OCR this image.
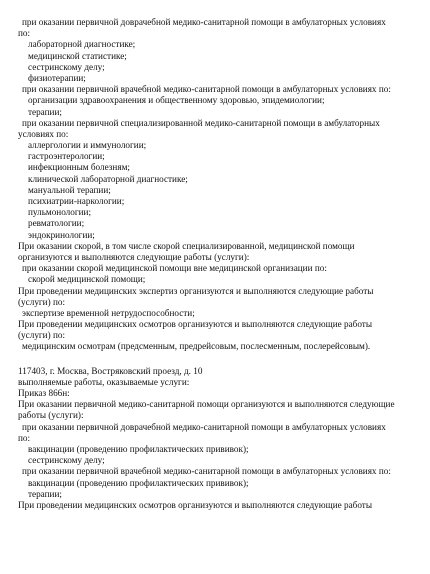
при оказании первичной доврачебной медико-санитарной помощи в амбулаторных условиях
по:
лабораторной диагностике;
медицинской статистике;
сестринскому делу;
физиотерапии;
при оказании первичной врачебной медико-санитарной помощи в амбулаторных условиях по:
организации здравоохранения и общественному здоровью, эпидемиологии;
терапии;
при оказании первичной специализированной медико-санитарной помощи в амбулаторных
условиях по:
аллергологии и иммунологии;
гастроэнтерологии;
инфекционным болезням;
клинической лабораторной диагностике;
мануальной терапии;
психиатрии-наркологии;
пульмонологии;
ревматологии;
эндокринологии;
При оказании скорой, в том числе скорой специализированной, медицинской помощи
организуются и выполняются следующие работы (услуги):
при оказании скорой медицинской помощи вне медицинской организации по:
скорой медицинской помощи;
При проведении медицинских экспертиз организуются и выполняются следующие работы
(услуги) по:
экспертизе временной нетрудоспособности;
При проведении медицинских осмотров организуются и выполняются следующие работы
(услуги) по:
медицинским осмотрам (предсменным, предрейсовым, послесменным, послерейсовым).
117403, г. Москва, Востряковский проезд, д. 10
выполняемые работы, оказываемые услуги:
Приказ 866н:
При оказании первичной медико-санитарной помощи организуются и выполняются следующие
работы (услуги):
при оказании первичной доврачебной медико-санитарной помощи в амбулаторных условиях
по:
вакцинации (проведению профилактических прививок);
сестринскому делу;
при оказании первичной врачебной медико-санитарной помощи в амбулаторных условиях по:
вакцинации (проведению профилактических прививок);
терапии;
При проведении медицинских осмотров организуются и выполняются следующие работы
